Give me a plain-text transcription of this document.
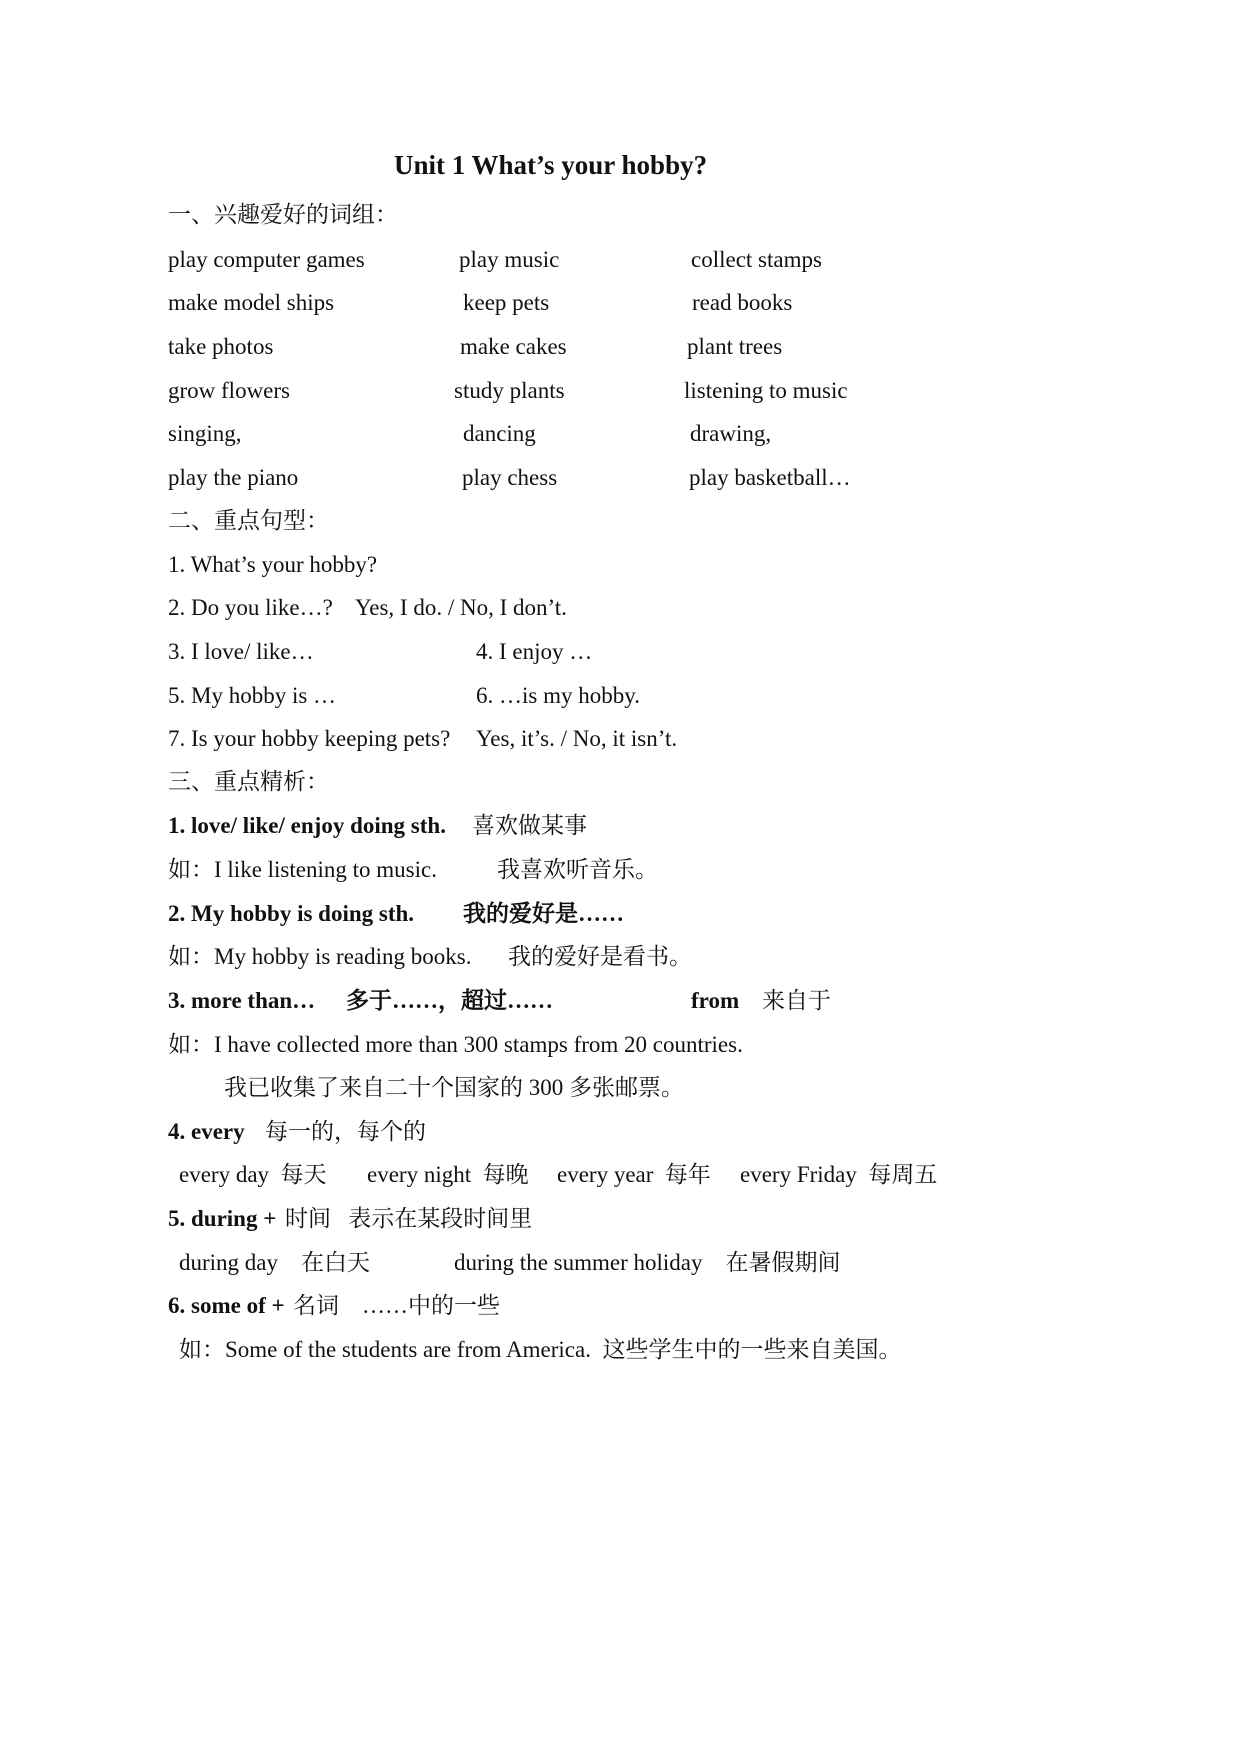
Unit 1 What’s your hobby?
一、兴趣爱好的词组：
play computer games	play music	collect stamps
make model ships	keep pets	read books
take photos	make cakes	plant trees
grow flowers	study plants	listening to music
singing,	dancing	drawing,
play the piano	play chess	play basketball…
二、重点句型：
1. What’s your hobby?
2. Do you like…?    Yes, I do. / No, I don’t.
3. I love/ like…	4. I enjoy …
5. My hobby is …	6. …is my hobby.
7. Is your hobby keeping pets? Yes, it’s. / No, it isn’t.
三、重点精析：
1. love/ like/ enjoy doing sth. 喜欢做某事
如：I like listening to music.	我喜欢听音乐。
2. My hobby is doing sth. 我的爱好是……
如：My hobby is reading books. 我的爱好是看书。
3. more than… 多于……，超过……	from 来自于
如：I have collected more than 300 stamps from 20 countries.
我已收集了来自二十个国家的 300 多张邮票。
4. every 每一的，每个的
every day  每天 every night  每晚 every year  每年 every Friday  每周五
5. during + 时间   表示在某段时间里
during day    在白天	during the summer holiday    在暑假期间
6. some of + 名词    ……中的一些
如：Some of the students are from America.  这些学生中的一些来自美国。
